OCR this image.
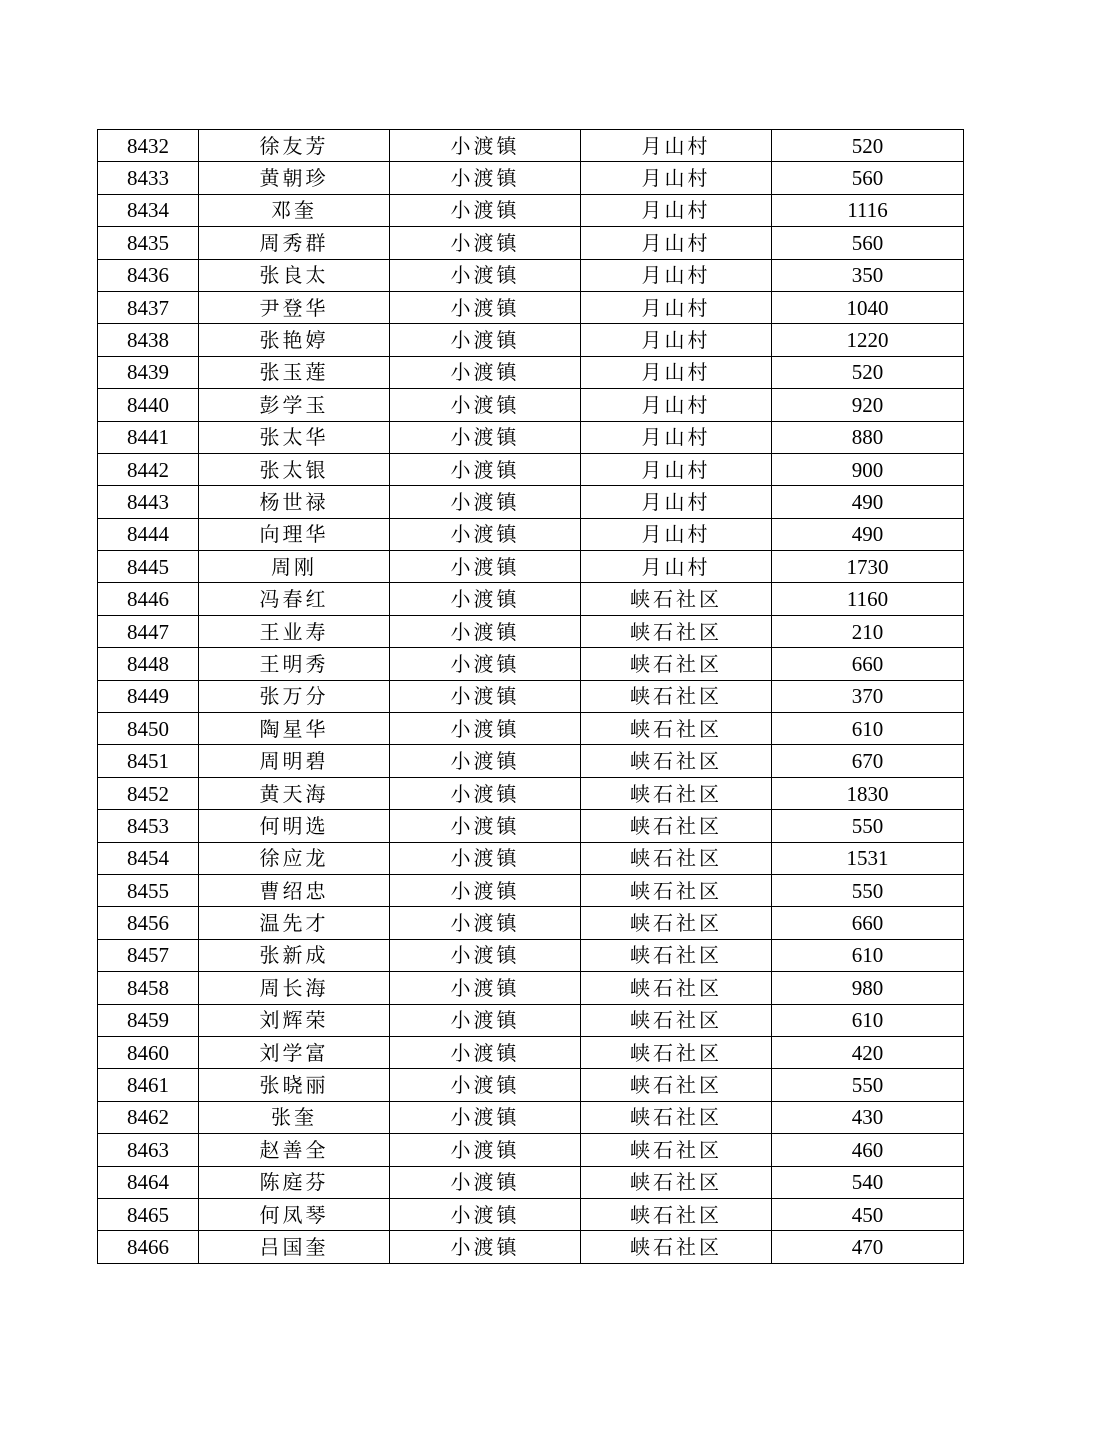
8432	徐友芳	小渡镇	月山村	520
8433	黄朝珍	小渡镇	月山村	560
8434	邓奎	小渡镇	月山村	1116
8435	周秀群	小渡镇	月山村	560
8436	张良太	小渡镇	月山村	350
8437	尹登华	小渡镇	月山村	1040
8438	张艳婷	小渡镇	月山村	1220
8439	张玉莲	小渡镇	月山村	520
8440	彭学玉	小渡镇	月山村	920
8441	张太华	小渡镇	月山村	880
8442	张太银	小渡镇	月山村	900
8443	杨世禄	小渡镇	月山村	490
8444	向理华	小渡镇	月山村	490
8445	周刚	小渡镇	月山村	1730
8446	冯春红	小渡镇	峡石社区	1160
8447	王业寿	小渡镇	峡石社区	210
8448	王明秀	小渡镇	峡石社区	660
8449	张万分	小渡镇	峡石社区	370
8450	陶星华	小渡镇	峡石社区	610
8451	周明碧	小渡镇	峡石社区	670
8452	黄天海	小渡镇	峡石社区	1830
8453	何明选	小渡镇	峡石社区	550
8454	徐应龙	小渡镇	峡石社区	1531
8455	曹绍忠	小渡镇	峡石社区	550
8456	温先才	小渡镇	峡石社区	660
8457	张新成	小渡镇	峡石社区	610
8458	周长海	小渡镇	峡石社区	980
8459	刘辉荣	小渡镇	峡石社区	610
8460	刘学富	小渡镇	峡石社区	420
8461	张晓丽	小渡镇	峡石社区	550
8462	张奎	小渡镇	峡石社区	430
8463	赵善全	小渡镇	峡石社区	460
8464	陈庭芬	小渡镇	峡石社区	540
8465	何凤琴	小渡镇	峡石社区	450
8466	吕国奎	小渡镇	峡石社区	470
